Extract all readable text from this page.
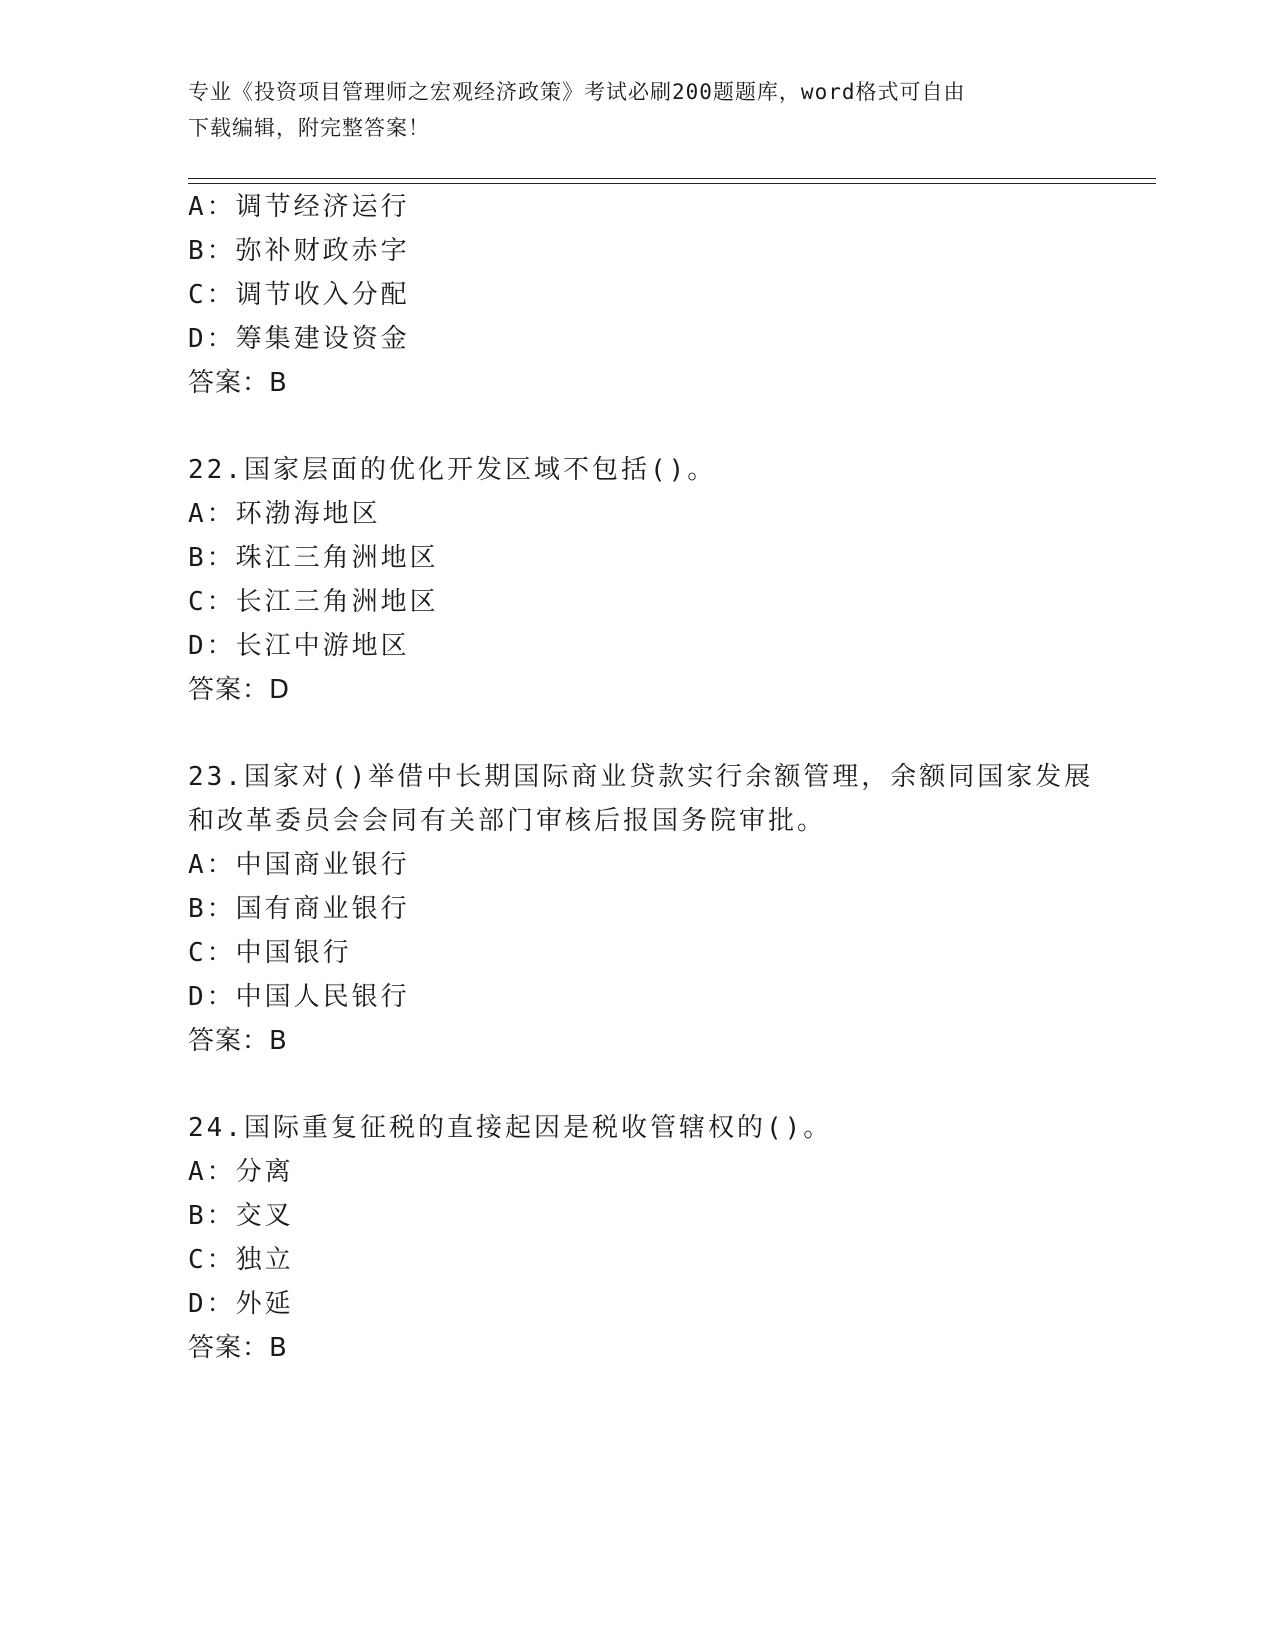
专业《投资项目管理师之宏观经济政策》考试必刷200题题库，word格式可自由
下载编辑，附完整答案！
A：调节经济运行
B：弥补财政赤字
C：调节收入分配
D：筹集建设资金
答案：B
22.国家层面的优化开发区域不包括()。
A：环渤海地区
B：珠江三角洲地区
C：长江三角洲地区
D：长江中游地区
答案：D
23.国家对()举借中长期国际商业贷款实行余额管理，余额同国家发展
和改革委员会会同有关部门审核后报国务院审批。
A：中国商业银行
B：国有商业银行
C：中国银行
D：中国人民银行
答案：B
24.国际重复征税的直接起因是税收管辖权的()。
A：分离
B：交叉
C：独立
D：外延
答案：B
